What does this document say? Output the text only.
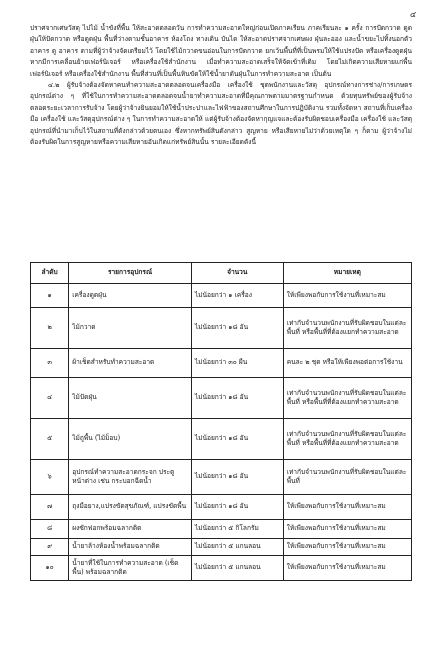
๔

ปราศจากเศษวัสดุ ไปไม้ น้ำขังที่พื้น ให้สะอาดตลอดวัน การทำความสะอาดใหญ่ก่อนเปิดภาคเรียน ภาคเรียนละ ๑ ครั้ง การปัดกวาด ดูดฝุ่นให้ปัดกวาด หรือดูดฝุ่น พื้นที่ว่างตามชั้นอาคาร ห้องโถง ทางเดิน บันได ให้สะอาดปราศจากเศษผง ฝุ่นละออง และน้ำขยะไปทิ้งนอกตัวอาคาร ดู อาคาร ตามที่ผู้ว่าจ้างจัดเตรียมไว้ โดยใช้ไม้กวาดขนอ่อนในการปัดกวาด ยกเว้นพื้นที่ที่เป็นพรมให้ใช้แปรงปัด หรือเครื่องดูดฝุ่น หากมีการเคลื่อนย้ายเฟอร์นิเจอร์ หรือเครื่องใช้สำนักงาน เมื่อทำความสะอาดเสร็จให้จัดเข้าที่เดิม โดยไม่เกิดความเสียหายแก่พื้นเฟอร์นิเจอร์ หรือเครื่องใช้สำนักงาน พื้นที่ส่วนที่เป็นพื้นหินขัดให้ใช้น้ำยาดันฝุ่นในการทำความสะอาด เป็นต้น

๔.๒ ผู้รับจ้างต้องจัดหาคนทำความสะอาดตลอดจนเครื่องมือ เครื่องใช้ ชุดพนักงานและวัสดุ อุปกรณ์ทางการช่าง/การเกษตร อุปกรณ์ต่าง ๆ ที่ใช้ในการทำความสะอาดตลอดจนน้ำยาทำความสะอาดที่มีคุณภาพตามมาตรฐานกำหนด ด้วยทุนทรัพย์ของผู้รับจ้าง ตลอดระยะเวลาการรับจ้าง โดยผู้ว่าจ้างยินยอมให้ใช้น้ำประปาและไฟฟ้าของสถานศึกษาในการปฏิบัติงาน รวมทั้งจัดหา สถานที่เก็บเครื่องมือ เครื่องใช้ และวัสดุอุปกรณ์ต่าง ๆ ในการทำความสะอาดให้ แต่ผู้รับจ้างต้องจัดหากุญแจและต้องรับผิดชอบเครื่องมือ เครื่องใช้ และวัสดุอุปกรณ์ที่นำมาเก็บไว้ในสถานที่ดังกล่าวด้วยตนเอง ซึ่งหากทรัพย์สินดังกล่าว สูญหาย หรือเสียหายไม่ว่าด้วยเหตุใด ๆ ก็ตาม ผู้ว่าจ้างไม่ต้องรับผิดในการสูญหายหรือความเสียหายอันเกิดแก่ทรัพย์สินนั้น รายละเอียดดังนี้

ลำดับ	รายการอุปกรณ์	จำนวน	หมายเหตุ
๑	เครื่องดูดฝุ่น	ไม่น้อยกว่า ๑ เครื่อง	ให้เพียงพอกับการใช้งานที่เหมาะสม
๒	ไม้กวาด	ไม่น้อยกว่า ๑๘ อัน	เท่ากับจำนวนพนักงานที่รับผิดชอบในแต่ละพื้นที่ หรือพื้นที่ที่ต้องแยกทำความสะอาด
๓	ผ้าเช็ดสำหรับทำความสะอาด	ไม่น้อยกว่า ๓๐ ผืน	คนละ ๒ ชุด หรือให้เพียงพอต่อการใช้งาน
๔	ไม้ปัดฝุ่น	ไม่น้อยกว่า ๑๘ อัน	เท่ากับจำนวนพนักงานที่รับผิดชอบในแต่ละพื้นที่ หรือพื้นที่ที่ต้องแยกทำความสะอาด
๕	ไม้ถูพื้น (ไม้ม็อบ)	ไม่น้อยกว่า ๑๘ อัน	เท่ากับจำนวนพนักงานที่รับผิดชอบในแต่ละพื้นที่ หรือพื้นที่ที่ต้องแยกทำความสะอาด
๖	อุปกรณ์ทำความสะอาดกระจก ประตู หน้าต่าง เช่น กระบอกฉีดน้ำ	ไม่น้อยกว่า ๑๘ อัน	เท่ากับจำนวนพนักงานที่รับผิดชอบในแต่ละพื้นที่
๗	ถุงมือยาง,แปรงขัดสุขภัณฑ์, แปรงขัดพื้น	ไม่น้อยกว่า ๑๘ อัน	ให้เพียงพอกับการใช้งานที่เหมาะสม
๘	ผงซักฟอกพร้อมฉลากติด	ไม่น้อยกว่า ๕ กิโลกรัม	ให้เพียงพอกับการใช้งานที่เหมาะสม
๙	น้ำยาล้างห้องน้ำพร้อมฉลากติด	ไม่น้อยกว่า ๕ แกนลอน	ให้เพียงพอกับการใช้งานที่เหมาะสม
๑๐	น้ำยาที่ใช้ในการทำความสะอาด (เช็ดพื้น) พร้อมฉลากติด	ไม่น้อยกว่า ๕ แกนลอน	ให้เพียงพอกับการใช้งานที่เหมาะสม
